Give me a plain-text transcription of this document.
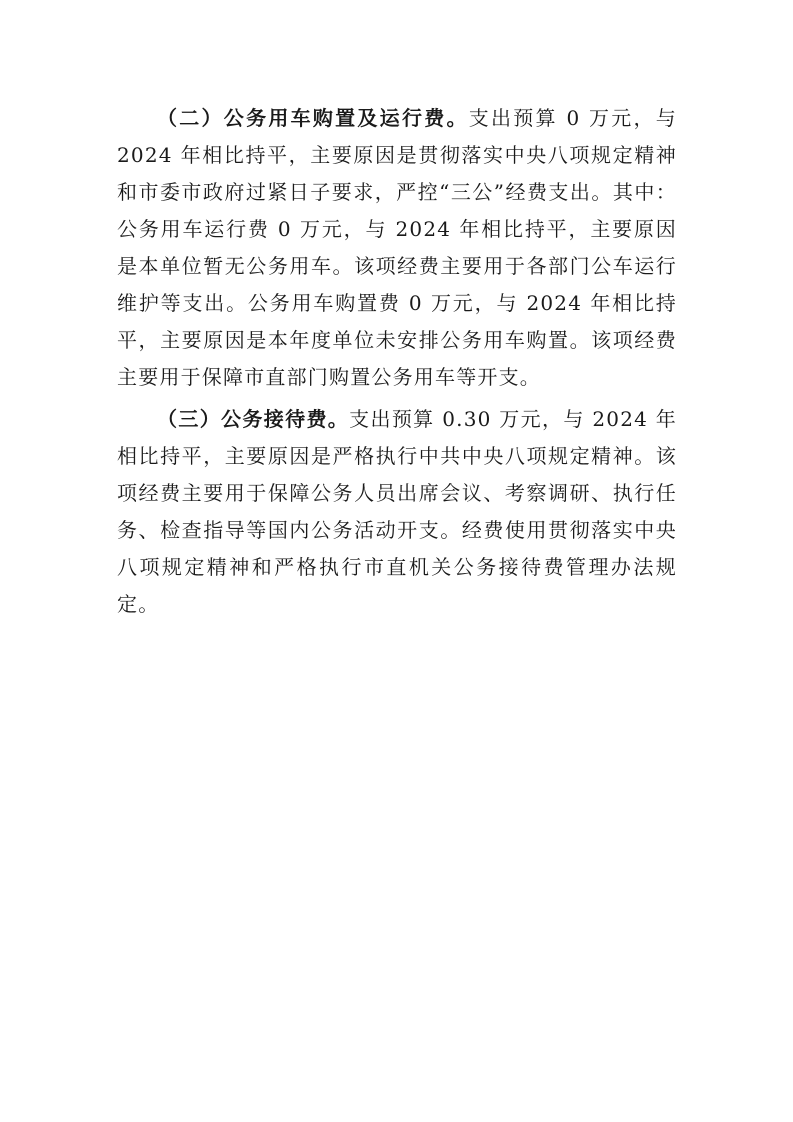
（二）公务用车购置及运行费。支出预算 0 万元，与 2024 年相比持平，主要原因是贯彻落实中央八项规定精神和市委市政府过紧日子要求，严控“三公”经费支出。其中：公务用车运行费 0 万元，与 2024 年相比持平，主要原因是本单位暂无公务用车。该项经费主要用于各部门公车运行维护等支出。公务用车购置费 0 万元，与 2024 年相比持平，主要原因是本年度单位未安排公务用车购置。该项经费主要用于保障市直部门购置公务用车等开支。

（三）公务接待费。支出预算 0.30 万元，与 2024 年相比持平，主要原因是严格执行中共中央八项规定精神。该项经费主要用于保障公务人员出席会议、考察调研、执行任务、检查指导等国内公务活动开支。经费使用贯彻落实中央八项规定精神和严格执行市直机关公务接待费管理办法规定。
